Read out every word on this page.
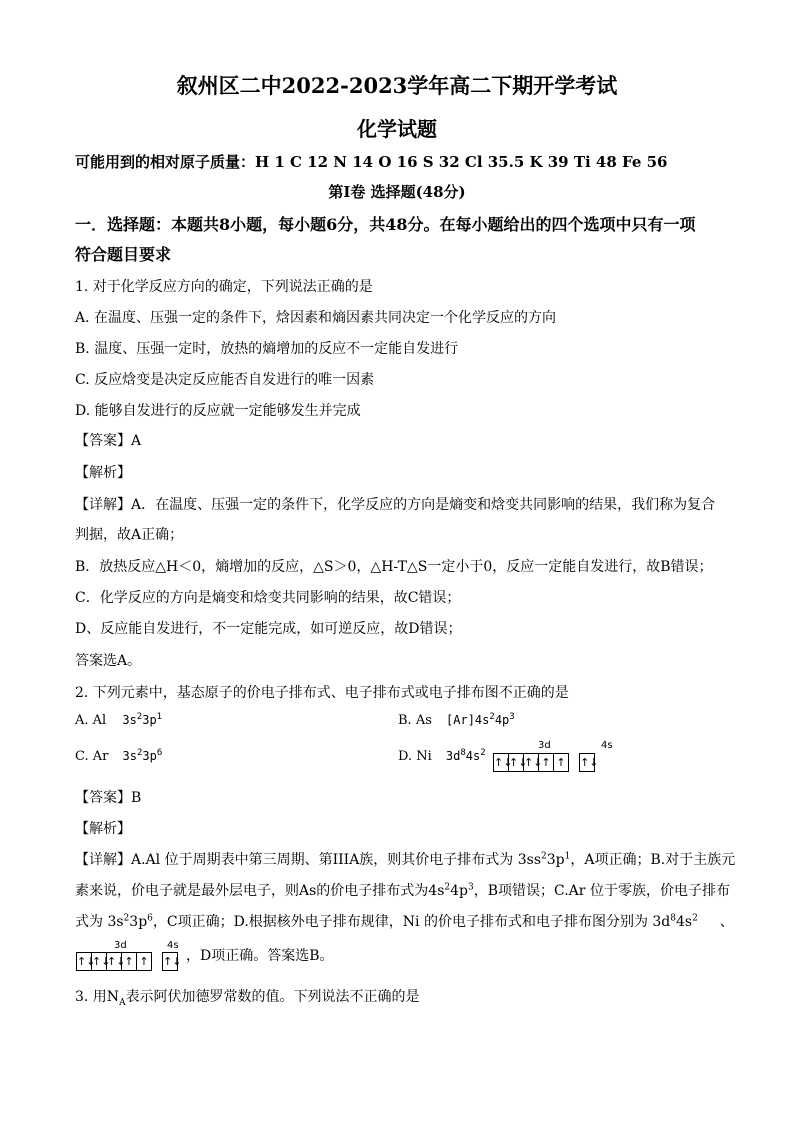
叙州区二中2022-2023学年高二下期开学考试
化学试题
可能用到的相对原子质量：H 1 C 12 N 14 O 16 S 32 Cl 35.5 K 39 Ti 48 Fe 56
第I卷 选择题(48分)
一．选择题：本题共8小题，每小题6分，共48分。在每小题给出的四个选项中只有一项
符合题目要求
1. 对于化学反应方向的确定，下列说法正确的是
A. 在温度、压强一定的条件下，焓因素和熵因素共同决定一个化学反应的方向
B. 温度、压强一定时，放热的熵增加的反应不一定能自发进行
C. 反应焓变是决定反应能否自发进行的唯一因素
D. 能够自发进行的反应就一定能够发生并完成
【答案】A
【解析】
【详解】A．在温度、压强一定的条件下，化学反应的方向是熵变和焓变共同影响的结果，我们称为复合
判据，故A正确；
B．放热反应△H＜0，熵增加的反应，△S＞0，△H-T△S一定小于0，反应一定能自发进行，故B错误；
C．化学反应的方向是熵变和焓变共同影响的结果，故C错误；
D、反应能自发进行，不一定能完成，如可逆反应，故D错误；
答案选A。
2. 下列元素中，基态原子的价电子排布式、电子排布式或电子排布图不正确的是
A. Al $3s^23p^1$	B. As $[Ar]4s^24p^3$
C. Ar $3s^23p^6$	D. Ni $3d^84s^2$
3d	4s
↑↓
↑↓
↑↓
↑ ↑
	↑↓
【答案】B
【解析】
【详解】A.Al 位于周期表中第三周期、第IIIA族，则其价电子排布式为 $3ss^23p^1$，A项正确；B.对于主族元
素来说，价电子就是最外层电子，则As的价电子排布式为$4s^24p^3$，B项错误；C.Ar 位于零族，价电子排布
式为 $3s^23p^6$，C项正确；D.根据核外电子排布规律，Ni 的价电子排布式和电子排布图分别为 $3d^84s^2$ 、
3d	4s
↑↓
↑↓
↑↓
↑ ↑
	↑↓ ，D项正确。答案选B。
3. 用$N_A$表示阿伏加德罗常数的值。下列说法不正确的是
